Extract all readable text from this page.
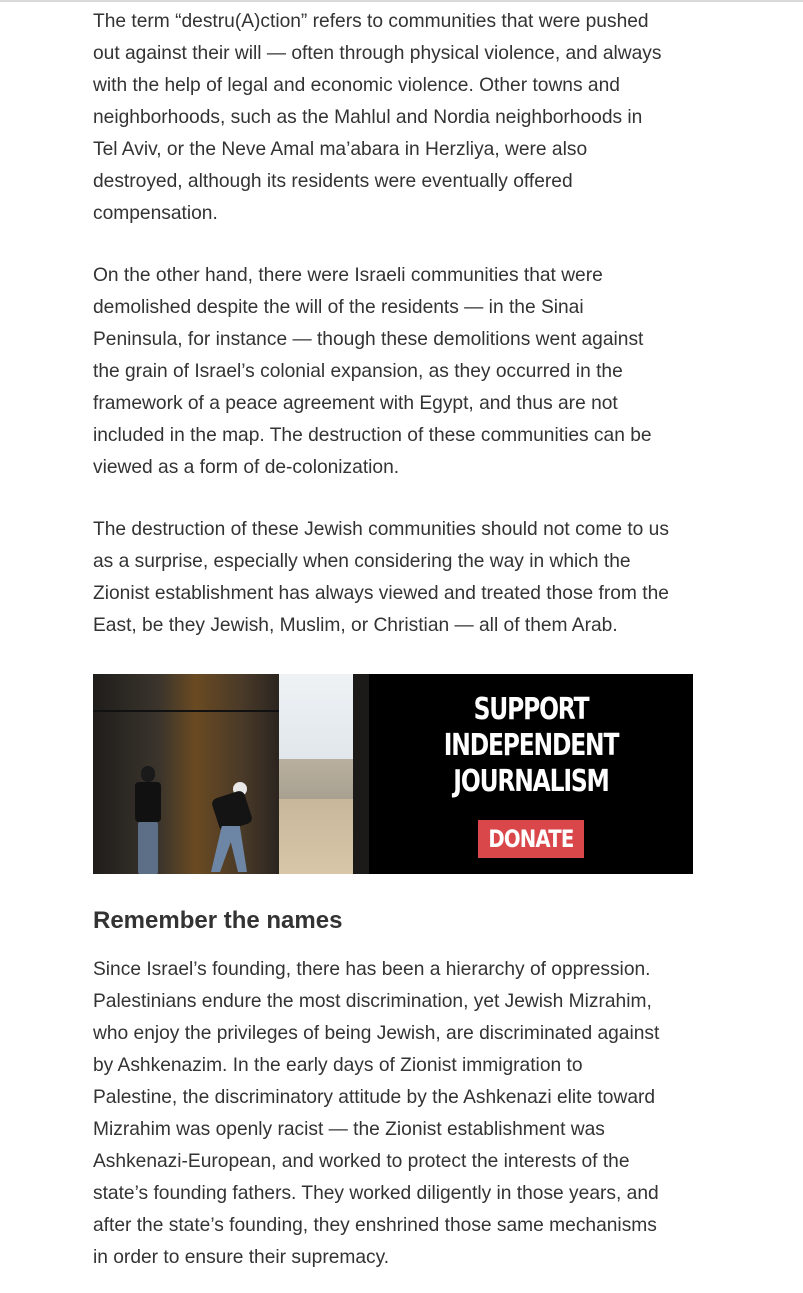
The term “destru(A)ction” refers to communities that were pushed
out against their will — often through physical violence, and always
with the help of legal and economic violence. Other towns and
neighborhoods, such as the Mahlul and Nordia neighborhoods in
Tel Aviv, or the Neve Amal ma’abara in Herzliya, were also
destroyed, although its residents were eventually offered
compensation.

On the other hand, there were Israeli communities that were
demolished despite the will of the residents — in the Sinai
Peninsula, for instance — though these demolitions went against
the grain of Israel’s colonial expansion, as they occurred in the
framework of a peace agreement with Egypt, and thus are not
included in the map. The destruction of these communities can be
viewed as a form of de-colonization.

The destruction of these Jewish communities should not come to us
as a surprise, especially when considering the way in which the
Zionist establishment has always viewed and treated those from the
East, be they Jewish, Muslim, or Christian — all of them Arab.

SUPPORT
INDEPENDENT
JOURNALISM
DONATE
Remember the names

Since Israel’s founding, there has been a hierarchy of oppression.
Palestinians endure the most discrimination, yet Jewish Mizrahim,
who enjoy the privileges of being Jewish, are discriminated against
by Ashkenazim. In the early days of Zionist immigration to
Palestine, the discriminatory attitude by the Ashkenazi elite toward
Mizrahim was openly racist — the Zionist establishment was
Ashkenazi-European, and worked to protect the interests of the
state’s founding fathers. They worked diligently in those years, and
after the state’s founding, they enshrined those same mechanisms
in order to ensure their supremacy.
